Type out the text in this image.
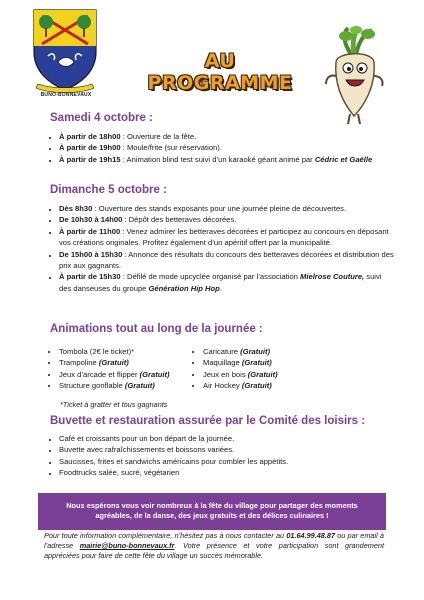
BUNO-BONNEVAUX
AU PROGRAMME
Samedi 4 octobre :
• À partir de 18h00 : Ouverture de la fête.
• À partir de 19h00 : Moule/frite (sur réservation).
• À partir de 19h15 : Animation blind test suivi d’un karaoké géant animé par Cédric et Gaëlle
Dimanche 5 octobre :
• Dès 8h30 : Ouverture des stands exposants pour une journée pleine de découvertes.
• De 10h30 à 14h00 : Dépôt des betteraves décorées.
• À partir de 11h00 : Venez admirer les betteraves décorées et participez au concours en déposant vos créations originales. Profitez également d’un apéritif offert par la municipalité.
• De 15h00 à 15h30 : Annonce des résultats du concours des betteraves décorées et distribution des prix aux gagnants.
• À partir de 15h30 : Défilé de mode upcyclée organisé par l’association Mielrose Couture, suivi des danseuses du groupe Génération Hip Hop.
Animations tout au long de la journée :
• Tombola (2€ le ticket)*
• Trampoline (Gratuit)
• Jeux d’arcade et flipper (Gratuit)
• Structure gonflable (Gratuit)
• Caricature (Gratuit)
• Maquillage (Gratuit)
• Jeux en bois (Gratuit)
• Air Hockey (Gratuit)
*Ticket à gratter et tous gagnants
Buvette et restauration assurée par le Comité des loisirs :
• Café et croissants pour un bon départ de la journée.
• Buvette avec rafraîchissements et boissons variées.
• Saucisses, frites et sandwichs américains pour combler les appétits.
• Foodtrucks salée, sucré, végétarien
Nous espérons vous voir nombreux à la fête du village pour partager des moments agréables, de la danse, des jeux gratuits et des délices culinaires !
Pour toute information complémentaire, n’hésitez pas à nous contacter au 01.64.99.48.87 ou par email à l’adresse mairie@buno-bonnevaux.fr. Votre présence et votre participation sont grandement appréciées pour faire de cette fête du village un succès mémorable.
